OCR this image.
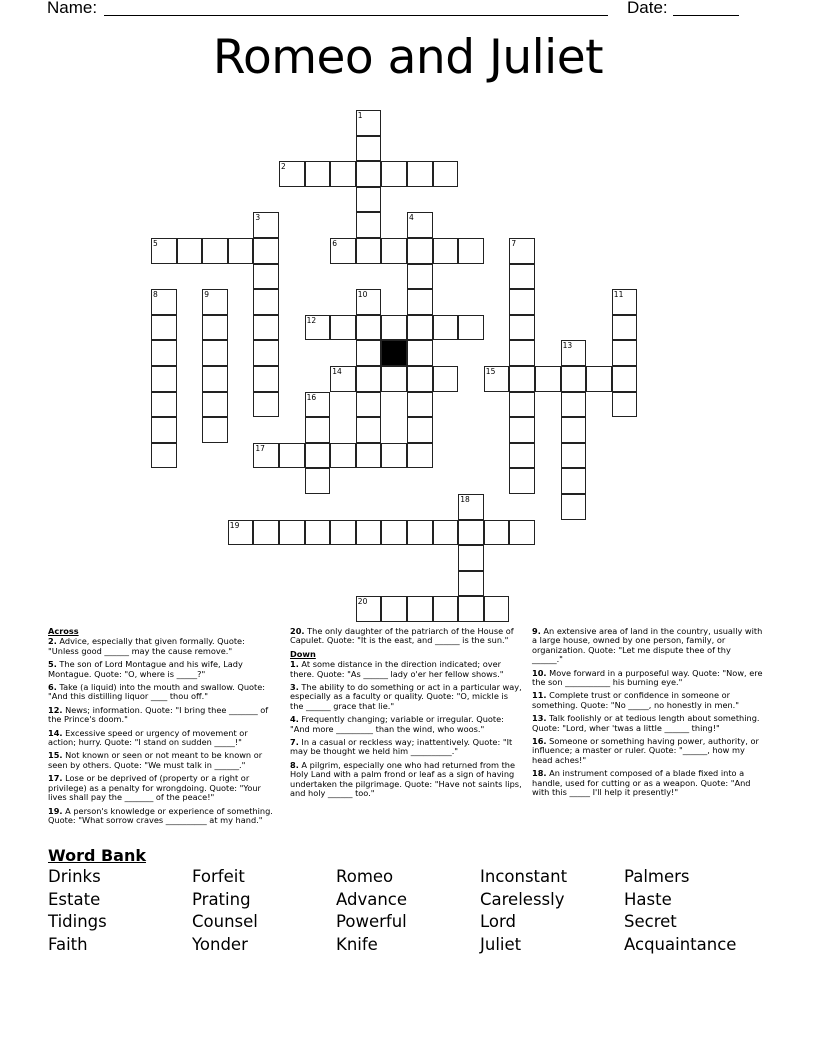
Name:	Date:
Romeo and Juliet
1
2
3	4
5	6	7
8	9	10	11
12
13
14	15
16
17
18
19
20
Across
2. Advice, especially that given formally. Quote: "Unless good ______ may the cause remove."
5. The son of Lord Montague and his wife, Lady Montague. Quote: "O, where is _____?"
6. Take (a liquid) into the mouth and swallow. Quote: "And this distilling liquor ____ thou off."
12. News; information. Quote: "I bring thee _______ of the Prince's doom."
14. Excessive speed or urgency of movement or action; hurry. Quote: "I stand on sudden _____!"
15. Not known or seen or not meant to be known or seen by others. Quote: "We must talk in ______."
17. Lose or be deprived of (property or a right or privilege) as a penalty for wrongdoing. Quote: "Your lives shall pay the _______ of the peace!"
19. A person's knowledge or experience of something. Quote: "What sorrow craves __________ at my hand."
20. The only daughter of the patriarch of the House of Capulet. Quote: "It is the east, and ______ is the sun."
Down
1. At some distance in the direction indicated; over there. Quote: "As ______ lady o'er her fellow shows."
3. The ability to do something or act in a particular way, especially as a faculty or quality. Quote: "O, mickle is the ______ grace that lie."
4. Frequently changing; variable or irregular. Quote: "And more _________ than the wind, who woos."
7. In a casual or reckless way; inattentively. Quote: "It may be thought we held him __________."
8. A pilgrim, especially one who had returned from the Holy Land with a palm frond or leaf as a sign of having undertaken the pilgrimage. Quote: "Have not saints lips, and holy ______ too."
9. An extensive area of land in the country, usually with a large house, owned by one person, family, or organization. Quote: "Let me dispute thee of thy ______."
10. Move forward in a purposeful way. Quote: "Now, ere the son ___________ his burning eye."
11. Complete trust or confidence in someone or something. Quote: "No _____, no honestly in men."
13. Talk foolishly or at tedious length about something. Quote: "Lord, wher 'twas a little ______ thing!"
16. Someone or something having power, authority, or influence; a master or ruler. Quote: "______, how my head aches!"
18. An instrument composed of a blade fixed into a handle, used for cutting or as a weapon. Quote: "And with this _____ I'll help it presently!"
Word Bank
Drinks
Estate
Tidings
Faith
Forfeit
Prating
Counsel
Yonder
Romeo
Advance
Powerful
Knife
Inconstant
Carelessly
Lord
Juliet
Palmers
Haste
Secret
Acquaintance
